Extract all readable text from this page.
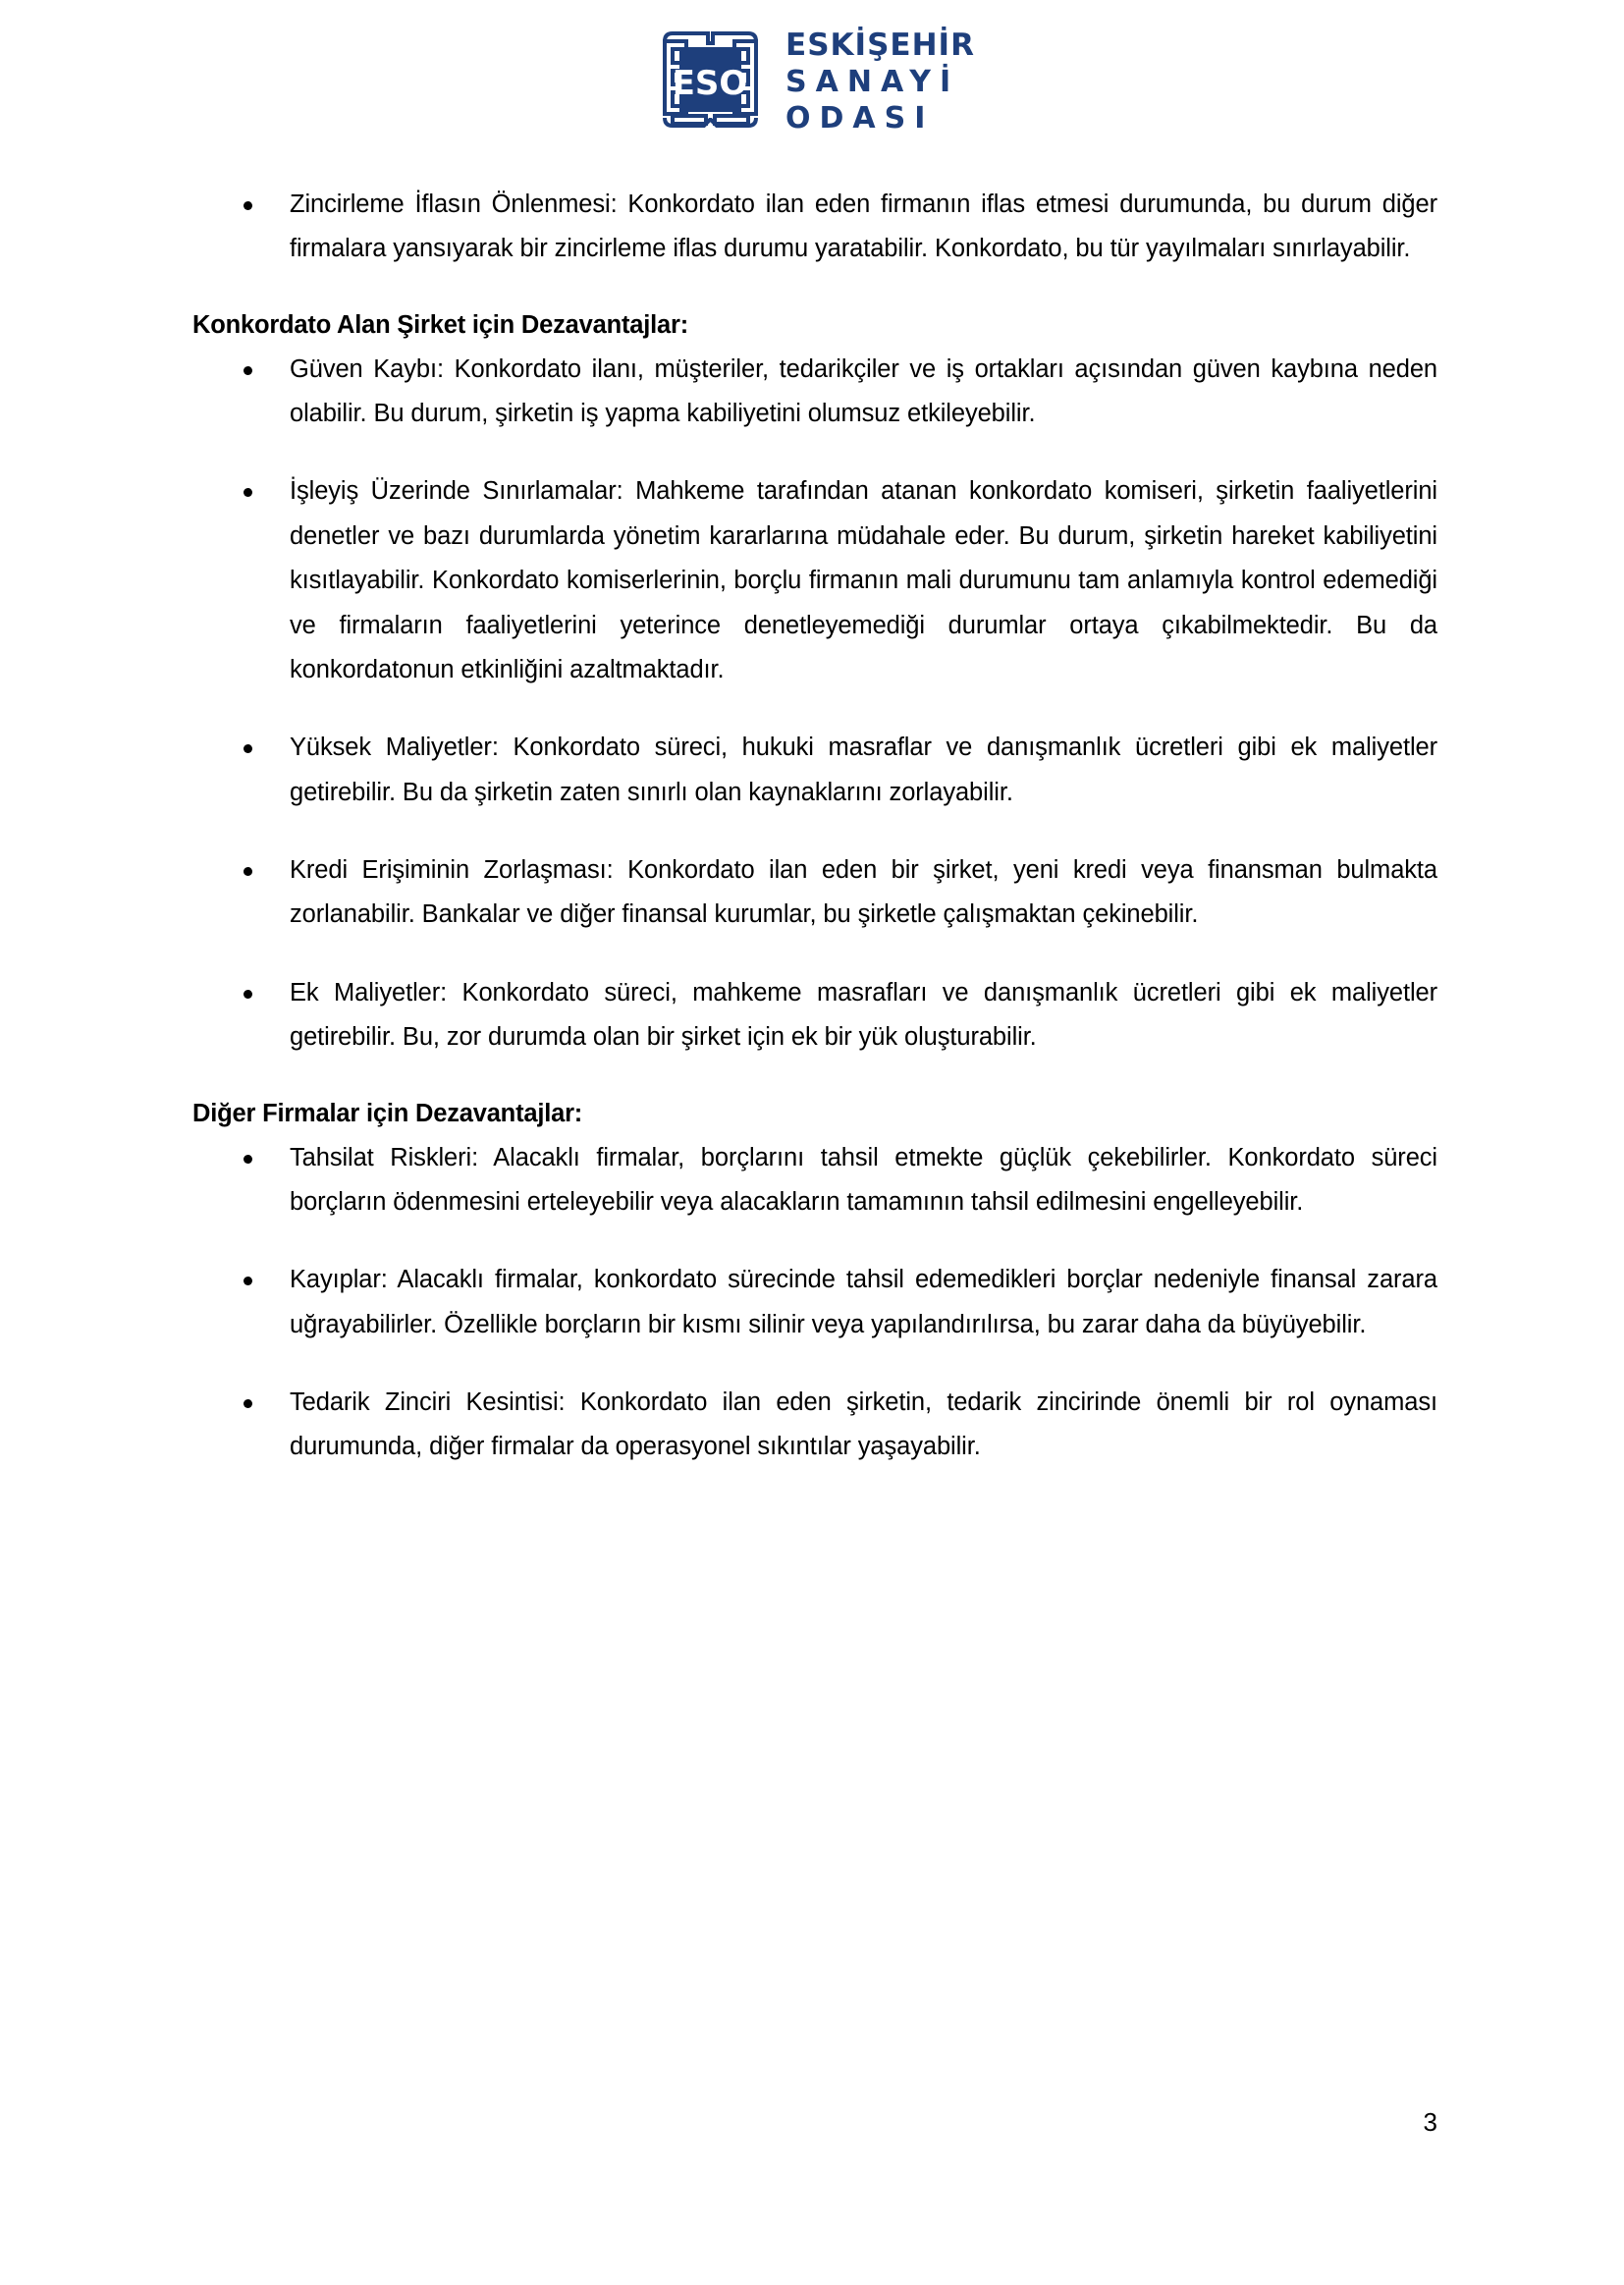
ESO
ESKİŞEHİR
SANAYİ
ODASI
Zincirleme İflasın Önlenmesi: Konkordato ilan eden firmanın iflas etmesi durumunda, bu durum diğer firmalara yansıyarak bir zincirleme iflas durumu yaratabilir. Konkordato, bu tür yayılmaları sınırlayabilir.
Konkordato Alan Şirket için Dezavantajlar:
Güven Kaybı: Konkordato ilanı, müşteriler, tedarikçiler ve iş ortakları açısından güven kaybına neden olabilir. Bu durum, şirketin iş yapma kabiliyetini olumsuz etkileyebilir.
İşleyiş Üzerinde Sınırlamalar: Mahkeme tarafından atanan konkordato komiseri, şirketin faaliyetlerini denetler ve bazı durumlarda yönetim kararlarına müdahale eder. Bu durum, şirketin hareket kabiliyetini kısıtlayabilir. Konkordato komiserlerinin, borçlu firmanın mali durumunu tam anlamıyla kontrol edemediği ve firmaların faaliyetlerini yeterince denetleyemediği durumlar ortaya çıkabilmektedir. Bu da konkordatonun etkinliğini azaltmaktadır.
Yüksek Maliyetler: Konkordato süreci, hukuki masraflar ve danışmanlık ücretleri gibi ek maliyetler getirebilir. Bu da şirketin zaten sınırlı olan kaynaklarını zorlayabilir.
Kredi Erişiminin Zorlaşması: Konkordato ilan eden bir şirket, yeni kredi veya finansman bulmakta zorlanabilir. Bankalar ve diğer finansal kurumlar, bu şirketle çalışmaktan çekinebilir.
Ek Maliyetler: Konkordato süreci, mahkeme masrafları ve danışmanlık ücretleri gibi ek maliyetler getirebilir. Bu, zor durumda olan bir şirket için ek bir yük oluşturabilir.
Diğer Firmalar için Dezavantajlar:
Tahsilat Riskleri: Alacaklı firmalar, borçlarını tahsil etmekte güçlük çekebilirler. Konkordato süreci borçların ödenmesini erteleyebilir veya alacakların tamamının tahsil edilmesini engelleyebilir.
Kayıplar: Alacaklı firmalar, konkordato sürecinde tahsil edemedikleri borçlar nedeniyle finansal zarara uğrayabilirler. Özellikle borçların bir kısmı silinir veya yapılandırılırsa, bu zarar daha da büyüyebilir.
Tedarik Zinciri Kesintisi: Konkordato ilan eden şirketin, tedarik zincirinde önemli bir rol oynaması durumunda, diğer firmalar da operasyonel sıkıntılar yaşayabilir.
3
